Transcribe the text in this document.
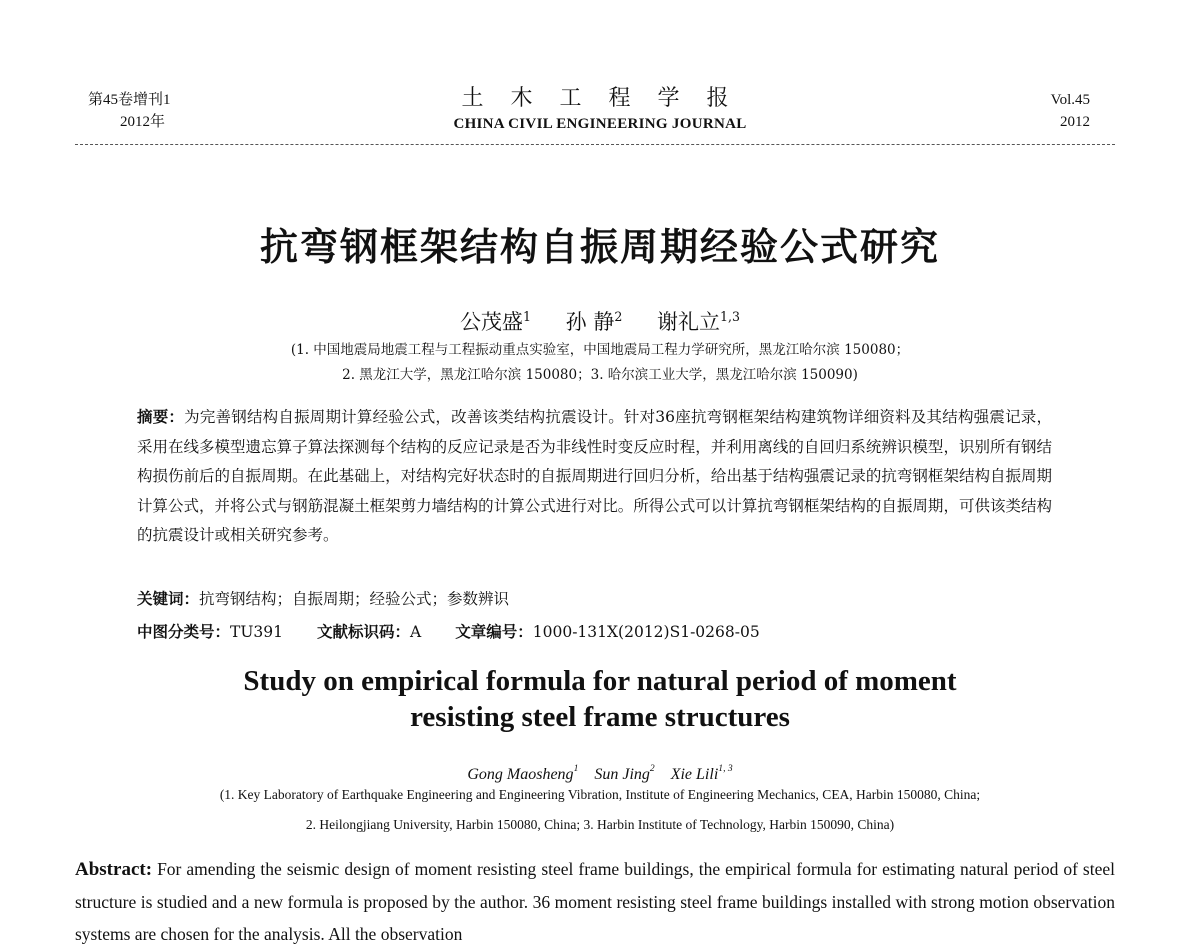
第45卷增刊1
2012年
土 木 工 程 学 报
CHINA CIVIL ENGINEERING JOURNAL
Vol.45
2012
抗弯钢框架结构自振周期经验公式研究
公茂盛$^1$ 孙 静$^2$ 谢礼立$^{1,3}$
(1. 中国地震局地震工程与工程振动重点实验室，中国地震局工程力学研究所，黑龙江哈尔滨 150080；
2. 黑龙江大学，黑龙江哈尔滨 150080；3. 哈尔滨工业大学，黑龙江哈尔滨 150090)
摘要：为完善钢结构自振周期计算经验公式，改善该类结构抗震设计。针对36座抗弯钢框架结构建筑物详细资料及其结构强震记录，采用在线多模型遗忘算子算法探测每个结构的反应记录是否为非线性时变反应时程，并利用离线的自回归系统辨识模型，识别所有钢结构损伤前后的自振周期。在此基础上，对结构完好状态时的自振周期进行回归分析，给出基于结构强震记录的抗弯钢框架结构自振周期计算公式，并将公式与钢筋混凝土框架剪力墙结构的计算公式进行对比。所得公式可以计算抗弯钢框架结构的自振周期，可供该类结构的抗震设计或相关研究参考。
关键词：抗弯钢结构；自振周期；经验公式；参数辨识
中图分类号：TU391 文献标识码：A 文章编号：1000-131X(2012)S1-0268-05
Study on empirical formula for natural period of moment
resisting steel frame structures
Gong Maosheng$^1$ Sun Jing$^2$ Xie Lili$^{1, 3}$
(1. Key Laboratory of Earthquake Engineering and Engineering Vibration, Institute of Engineering Mechanics, CEA, Harbin 150080, China;
2. Heilongjiang University, Harbin 150080, China; 3. Harbin Institute of Technology, Harbin 150090, China)
Abstract: For amending the seismic design of moment resisting steel frame buildings, the empirical formula for estimating natural period of steel structure is studied and a new formula is proposed by the author. 36 moment resisting steel frame buildings installed with strong motion observation systems are chosen for the analysis. All the observation
